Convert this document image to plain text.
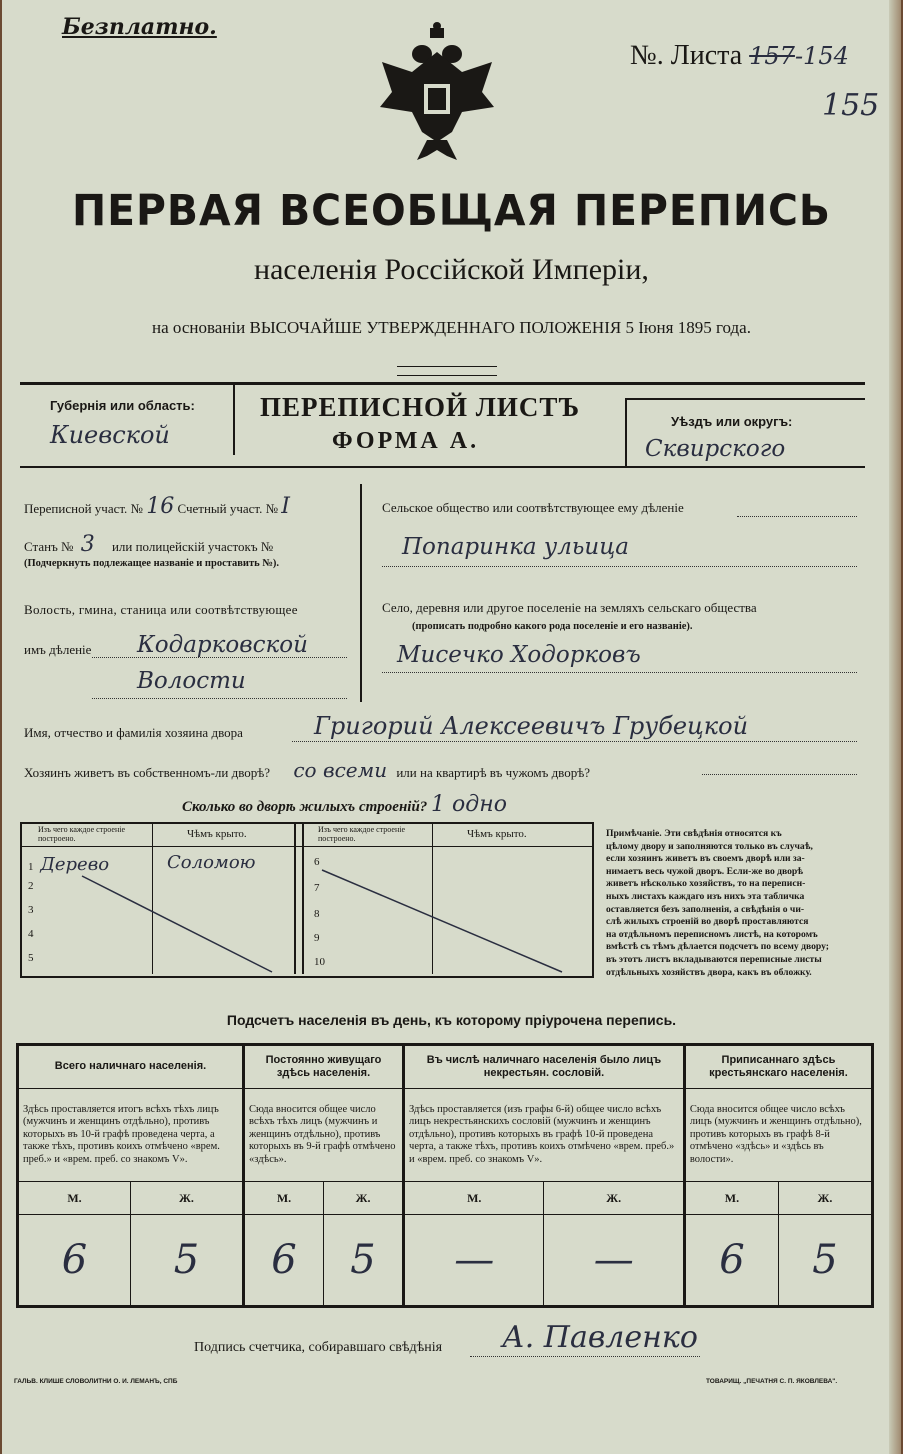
Безплатно.
№. Листа 157-154
155
ПЕРВАЯ ВСЕОБЩАЯ ПЕРЕПИСЬ
населенія Россійской Имперіи,
на основаніи ВЫСОЧАЙШЕ УТВЕРЖДЕННАГО ПОЛОЖЕНІЯ 5 Іюня 1895 года.
Губернія или область:
Киевской
ПЕРЕПИСНОЙ ЛИСТЪ
ФОРМА А.
Уѣздъ или округъ:
Сквирского
Переписной участ. № 16 Счетный участ. № I
Станъ № 3 или полицейскій участокъ №
(Подчеркнуть подлежащее названіе и проставить №).
Волость, гмина, станица или соотвѣтствующее
имъ дѣленіе Кодарковской
Волости
Сельское общество или соотвѣтствующее ему дѣленіе
Попаринка ульица
Село, деревня или другое поселеніе на земляхъ сельскаго общества
(прописать подробно какого рода поселеніе и его названіе).
Мисечко Ходорковъ
Имя, отчество и фамилія хозяина двора	Григорий Алексеевичъ Грубецкой
Хозяинъ живетъ въ собственномъ-ли дворѣ? со всеми или на квартирѣ въ чужомъ дворѣ?
Сколько во дворѣ жилыхъ строеній? 1 одно
Изъ чего каждое строеніе построено.	Чѣмъ крыто.	Изъ чего каждое строеніе построено.	Чѣмъ крыто.
1 Дерево	Соломою
2
3
4
5
6
7
8
9
10
Примѣчаніе. Эти свѣдѣнія относятся къ
цѣлому двору и заполняются только въ случаѣ,
если хозяинъ живетъ въ своемъ дворѣ или за-
нимаетъ весь чужой дворъ. Если-же во дворѣ
живетъ нѣсколько хозяйствъ, то на переписн-
ныхъ листахъ каждаго изъ нихъ эта табличка
оставляется безъ заполненія, а свѣдѣнія о чи-
слѣ жилыхъ строеній во дворѣ проставляются
на отдѣльномъ переписномъ листѣ, на которомъ
вмѣстѣ съ тѣмъ дѣлается подсчетъ по всему двору;
въ этотъ листъ вкладываются переписные листы
отдѣльныхъ хозяйствъ двора, какъ въ обложку.
Подсчетъ населенія въ день, къ которому пріурочена перепись.
Всего наличнаго населенія.		Постоянно живущаго здѣсь населенія.		Въ числѣ наличнаго населенія было лицъ некрестьян. сословій.		Приписаннаго здѣсь крестьянскаго населенія.	
Здѣсь проставляется итогъ всѣхъ тѣхъ лицъ (мужчинъ и женщинъ отдѣльно), противъ которыхъ въ 10-й графѣ проведена черта, а также тѣхъ, противъ коихъ отмѣчено «врем. преб.» и «врем. преб. со знакомъ V».		Сюда вносится общее число всѣхъ тѣхъ лицъ (мужчинъ и женщинъ отдѣльно), противъ которыхъ въ 9-й графѣ отмѣчено «здѣсь».		Здѣсь проставляется (изъ графы 6-й) общее число всѣхъ лицъ некрестьянскихъ сословій (мужчинъ и женщинъ отдѣльно), противъ которыхъ въ графѣ 10-й проведена черта, а также тѣхъ, противъ коихъ отмѣчено «врем. преб.» и «врем. преб. со знакомъ V».		Сюда вносится общее число всѣхъ лицъ (мужчинъ и женщинъ отдѣльно), противъ которыхъ въ графѣ 8-й отмѣчено «здѣсь» и «здѣсь въ волости».	
М.	Ж.	М.	Ж.	М.	Ж.	М.	Ж.
6	5	6	5	—	—	6	5
Подпись счетчика, собиравшаго свѣдѣнія А. Павленко
ГАЛЬВ. КЛИШЕ СЛОВОЛИТНИ О. И. ЛЕМАНЪ, СПБ	ТОВАРИЩ. „ПЕЧАТНЯ С. П. ЯКОВЛЕВА".
